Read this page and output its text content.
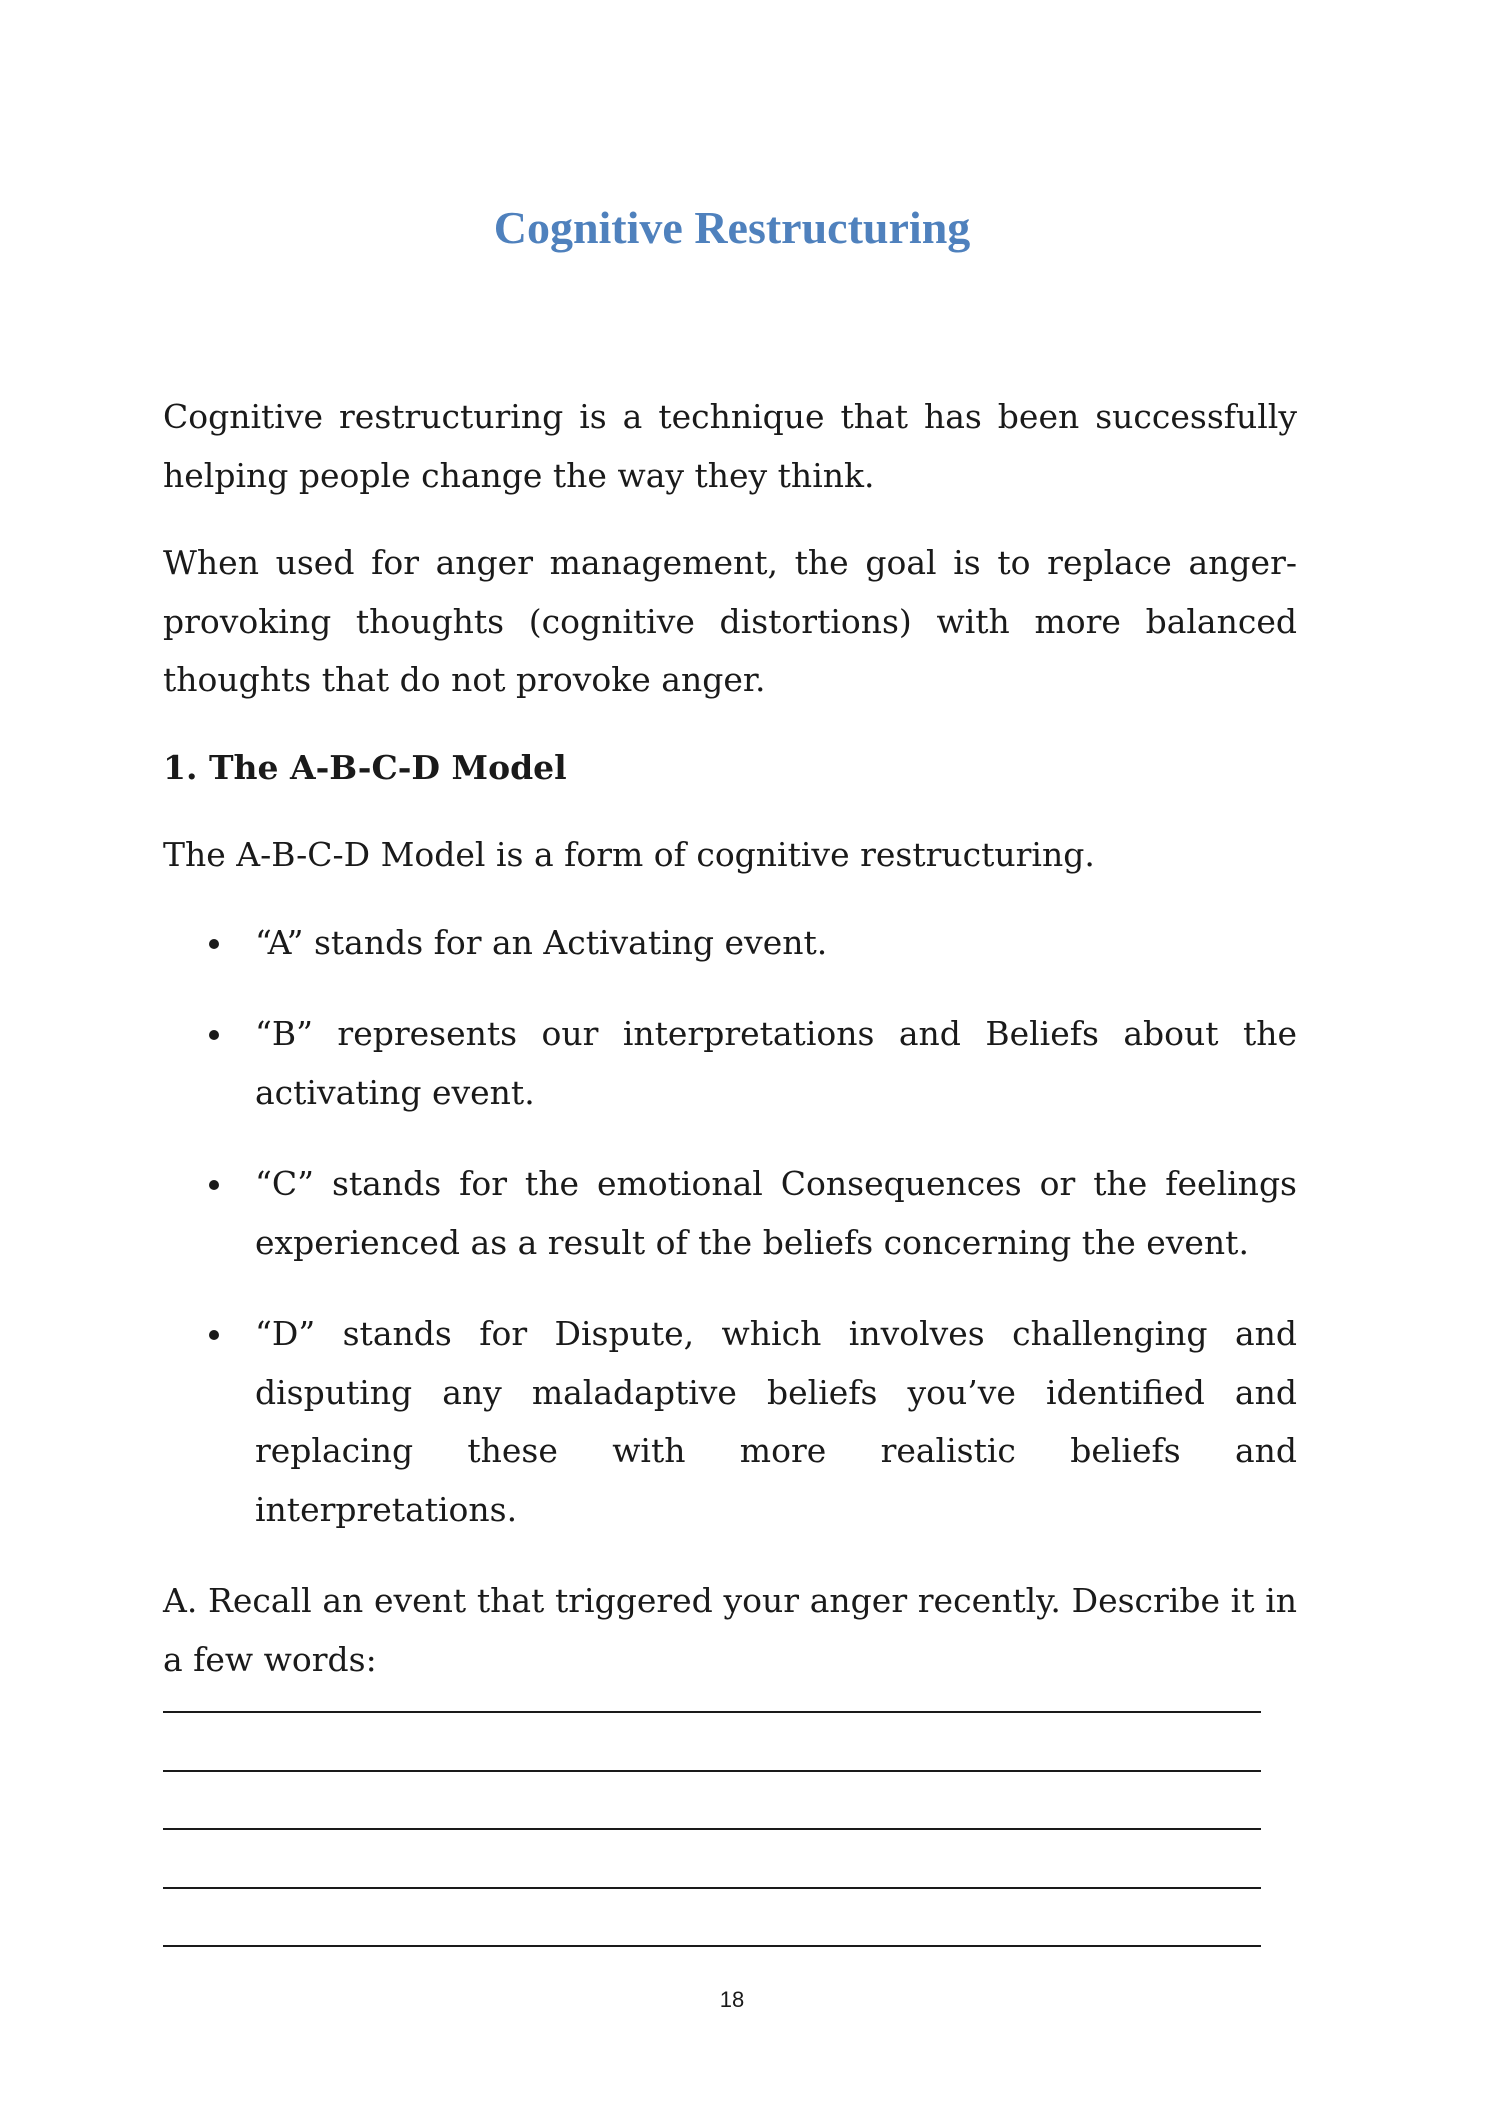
Cognitive Restructuring

Cognitive restructuring is a technique that has been successfully helping people change the way they think.

When used for anger management, the goal is to replace anger-provoking thoughts (cognitive distortions) with more balanced thoughts that do not provoke anger.

1. The A-B-C-D Model

The A-B-C-D Model is a form of cognitive restructuring.

“A” stands for an Activating event.
“B” represents our interpretations and Beliefs about the activating event.
“C” stands for the emotional Consequences or the feelings experienced as a result of the beliefs concerning the event.
“D” stands for Dispute, which involves challenging and disputing any maladaptive beliefs you’ve identified and replacing these with more realistic beliefs and interpretations.

A. Recall an event that triggered your anger recently. Describe it in a few words:

18
